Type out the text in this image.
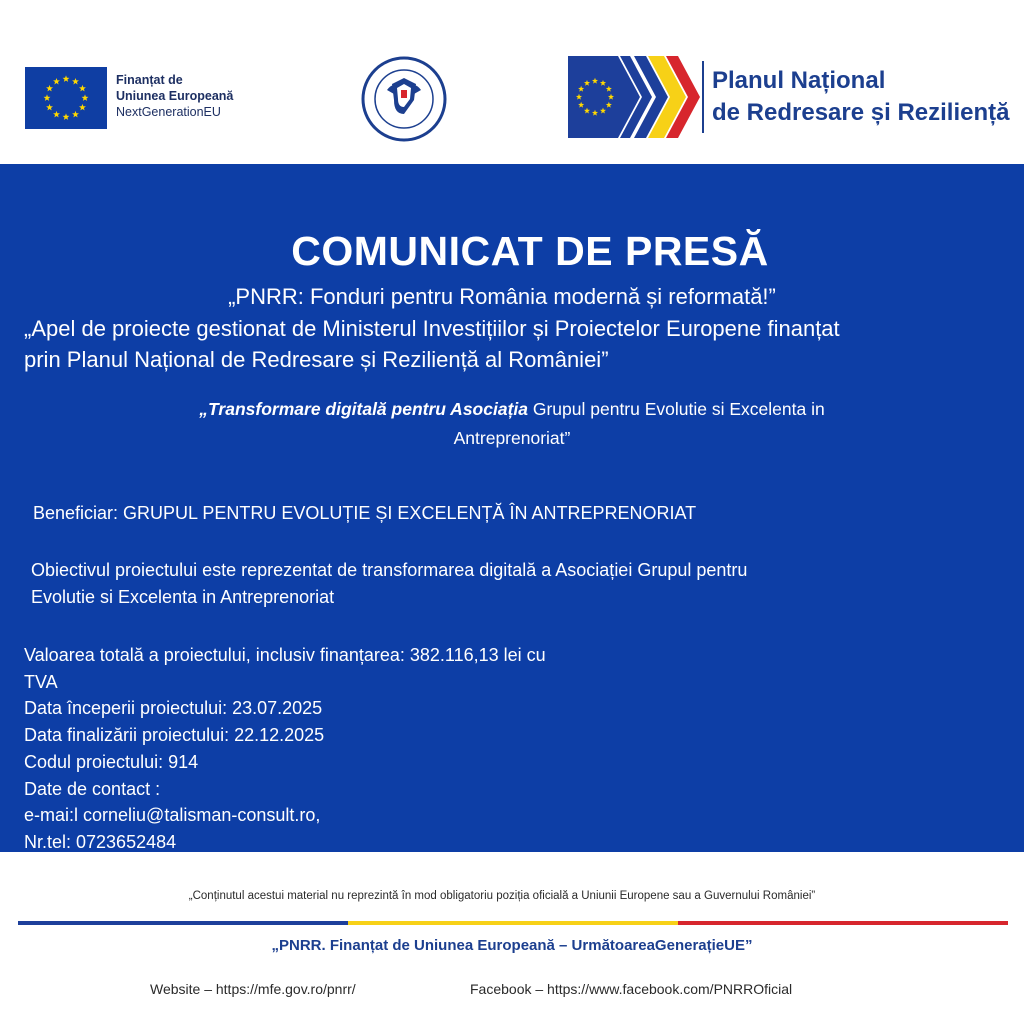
Finanțat de
Uniunea Europeană
NextGenerationEU
Planul Național
de Redresare și Reziliență
COMUNICAT DE PRESĂ
„PNRR: Fonduri pentru România modernă și reformată!”
„Apel de proiecte gestionat de Ministerul Investițiilor și Proiectelor Europene finanțat
prin Planul Național de Redresare și Reziliență al României”
„Transformare digitală pentru Asociația Grupul pentru Evolutie si Excelenta in
Antreprenoriat”
Beneficiar: GRUPUL PENTRU EVOLUȚIE ȘI EXCELENȚĂ ÎN ANTREPRENORIAT
Obiectivul proiectului este reprezentat de transformarea digitală a Asociației Grupul pentru
Evolutie si Excelenta in Antreprenoriat
Valoarea totală a proiectului, inclusiv finanțarea: 382.116,13 lei cu
TVA
Data începerii proiectului: 23.07.2025
Data finalizării proiectului: 22.12.2025
Codul proiectului: 914
Date de contact :
e-mai:l corneliu@talisman-consult.ro,
Nr.tel: 0723652484
„Conținutul acestui material nu reprezintă în mod obligatoriu poziția oficială a Uniunii Europene sau a Guvernului României”
„PNRR. Finanțat de Uniunea Europeană – UrmătoareaGenerațieUE”
Website – https://mfe.gov.ro/pnrr/	Facebook – https://www.facebook.com/PNRROficial
